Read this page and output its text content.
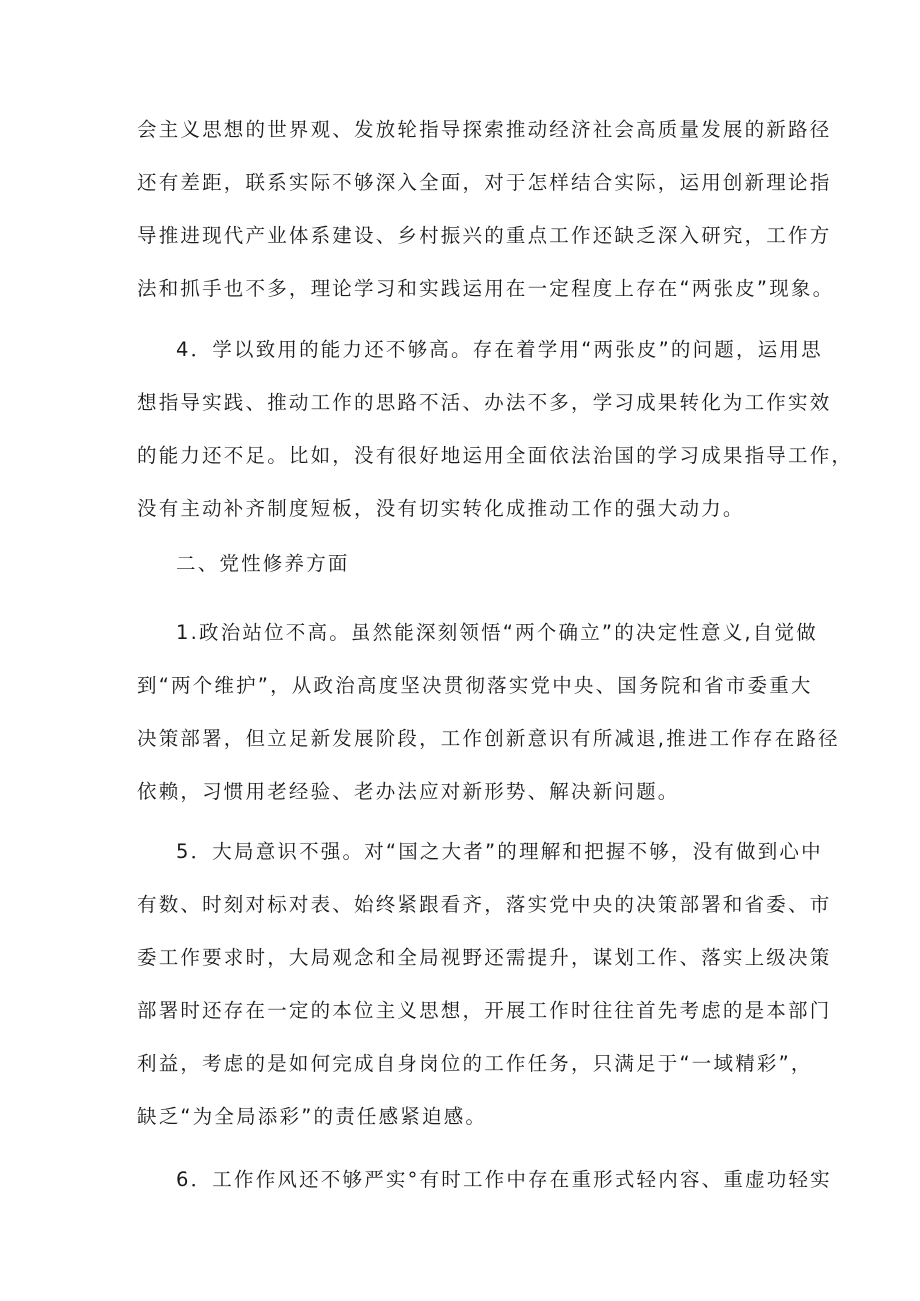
会主义思想的世界观、发放轮指导探索推动经济社会高质量发展的新路径
还有差距，联系实际不够深入全面，对于怎样结合实际，运用创新理论指
导推进现代产业体系建设、乡村振兴的重点工作还缺乏深入研究，工作方
法和抓手也不多，理论学习和实践运用在一定程度上存在“两张皮”现象。
4．学以致用的能力还不够高。存在着学用“两张皮”的问题，运用思
想指导实践、推动工作的思路不活、办法不多，学习成果转化为工作实效
的能力还不足。比如，没有很好地运用全面依法治国的学习成果指导工作，
没有主动补齐制度短板，没有切实转化成推动工作的强大动力。
二、党性修养方面
1.政治站位不高。虽然能深刻领悟“两个确立”的决定性意义,自觉做
到“两个维护”，从政治高度坚决贯彻落实党中央、国务院和省市委重大
决策部署，但立足新发展阶段，工作创新意识有所减退,推进工作存在路径
依赖，习惯用老经验、老办法应对新形势、解决新问题。
5．大局意识不强。对“国之大者”的理解和把握不够，没有做到心中
有数、时刻对标对表、始终紧跟看齐，落实党中央的决策部署和省委、市
委工作要求时，大局观念和全局视野还需提升，谋划工作、落实上级决策
部署时还存在一定的本位主义思想，开展工作时往往首先考虑的是本部门
利益，考虑的是如何完成自身岗位的工作任务，只满足于“一域精彩”，
缺乏“为全局添彩”的责任感紧迫感。
6．工作作风还不够严实°有时工作中存在重形式轻内容、重虚功轻实
